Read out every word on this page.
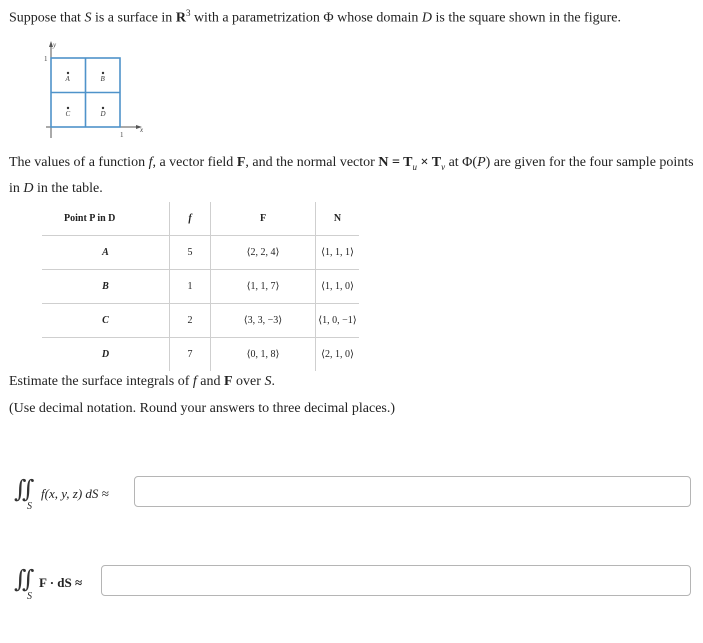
Suppose that S is a surface in $R^3$ with a parametrization Φ whose domain D is the square shown in the figure.
y
x
1
1
A	B
C	D
The values of a function f, a vector field F, and the normal vector $N = T_u \times T_v$ at Φ(P) are given for the four sample points in D in the table.
Point P in D	f	F	N
A	5	⟨2, 2, 4⟩	⟨1, 1, 1⟩
B	1	⟨1, 1, 7⟩	⟨1, 1, 0⟩
C	2	⟨3, 3, −3⟩	⟨1, 0, −1⟩
D	7	⟨0, 1, 8⟩	⟨2, 1, 0⟩
Estimate the surface integrals of f and F over S.
(Use decimal notation. Round your answers to three decimal places.)
∬
S
f(x, y, z) dS ≈
∬
S
F · dS ≈
